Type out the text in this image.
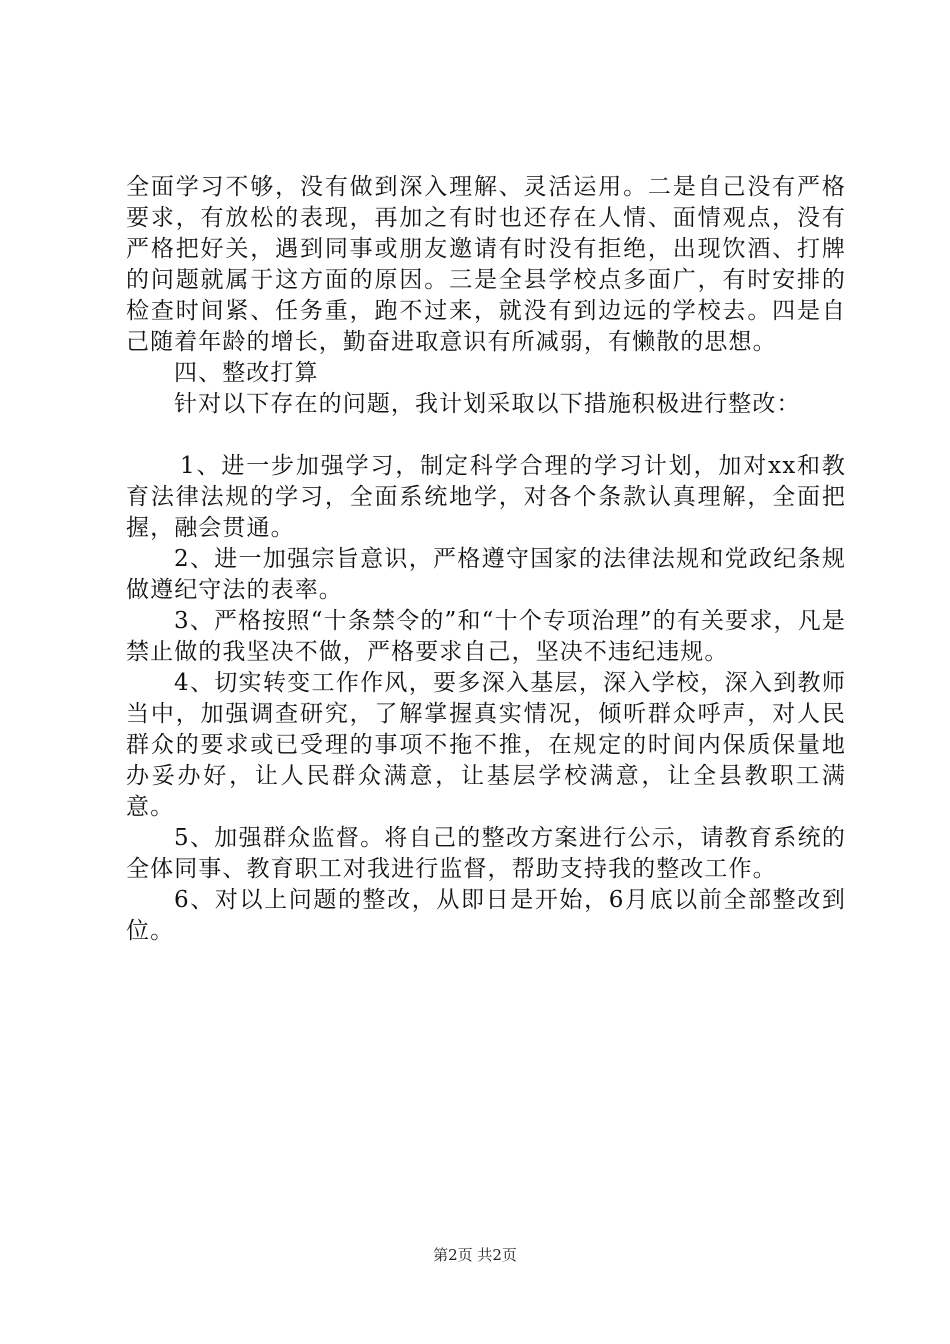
全面学习不够，没有做到深入理解、灵活运用。二是自己没有严格要求，有放松的表现，再加之有时也还存在人情、面情观点，没有严格把好关，遇到同事或朋友邀请有时没有拒绝，出现饮酒、打牌的问题就属于这方面的原因。三是全县学校点多面广，有时安排的检查时间紧、任务重，跑不过来，就没有到边远的学校去。四是自己随着年龄的增长，勤奋进取意识有所减弱，有懒散的思想。

四、整改打算

针对以下存在的问题，我计划采取以下措施积极进行整改：

1、进一步加强学习，制定科学合理的学习计划，加对xx和教育法律法规的学习，全面系统地学，对各个条款认真理解，全面把握，融会贯通。

2、进一加强宗旨意识，严格遵守国家的法律法规和党政纪条规做遵纪守法的表率。

3、严格按照“十条禁令的”和“十个专项治理”的有关要求，凡是禁止做的我坚决不做，严格要求自己，坚决不违纪违规。

4、切实转变工作作风，要多深入基层，深入学校，深入到教师当中，加强调查研究，了解掌握真实情况，倾听群众呼声，对人民群众的要求或已受理的事项不拖不推，在规定的时间内保质保量地办妥办好，让人民群众满意，让基层学校满意，让全县教职工满意。

5、加强群众监督。将自己的整改方案进行公示，请教育系统的全体同事、教育职工对我进行监督，帮助支持我的整改工作。

6、对以上问题的整改，从即日是开始，6月底以前全部整改到位。

第2页 共2页
